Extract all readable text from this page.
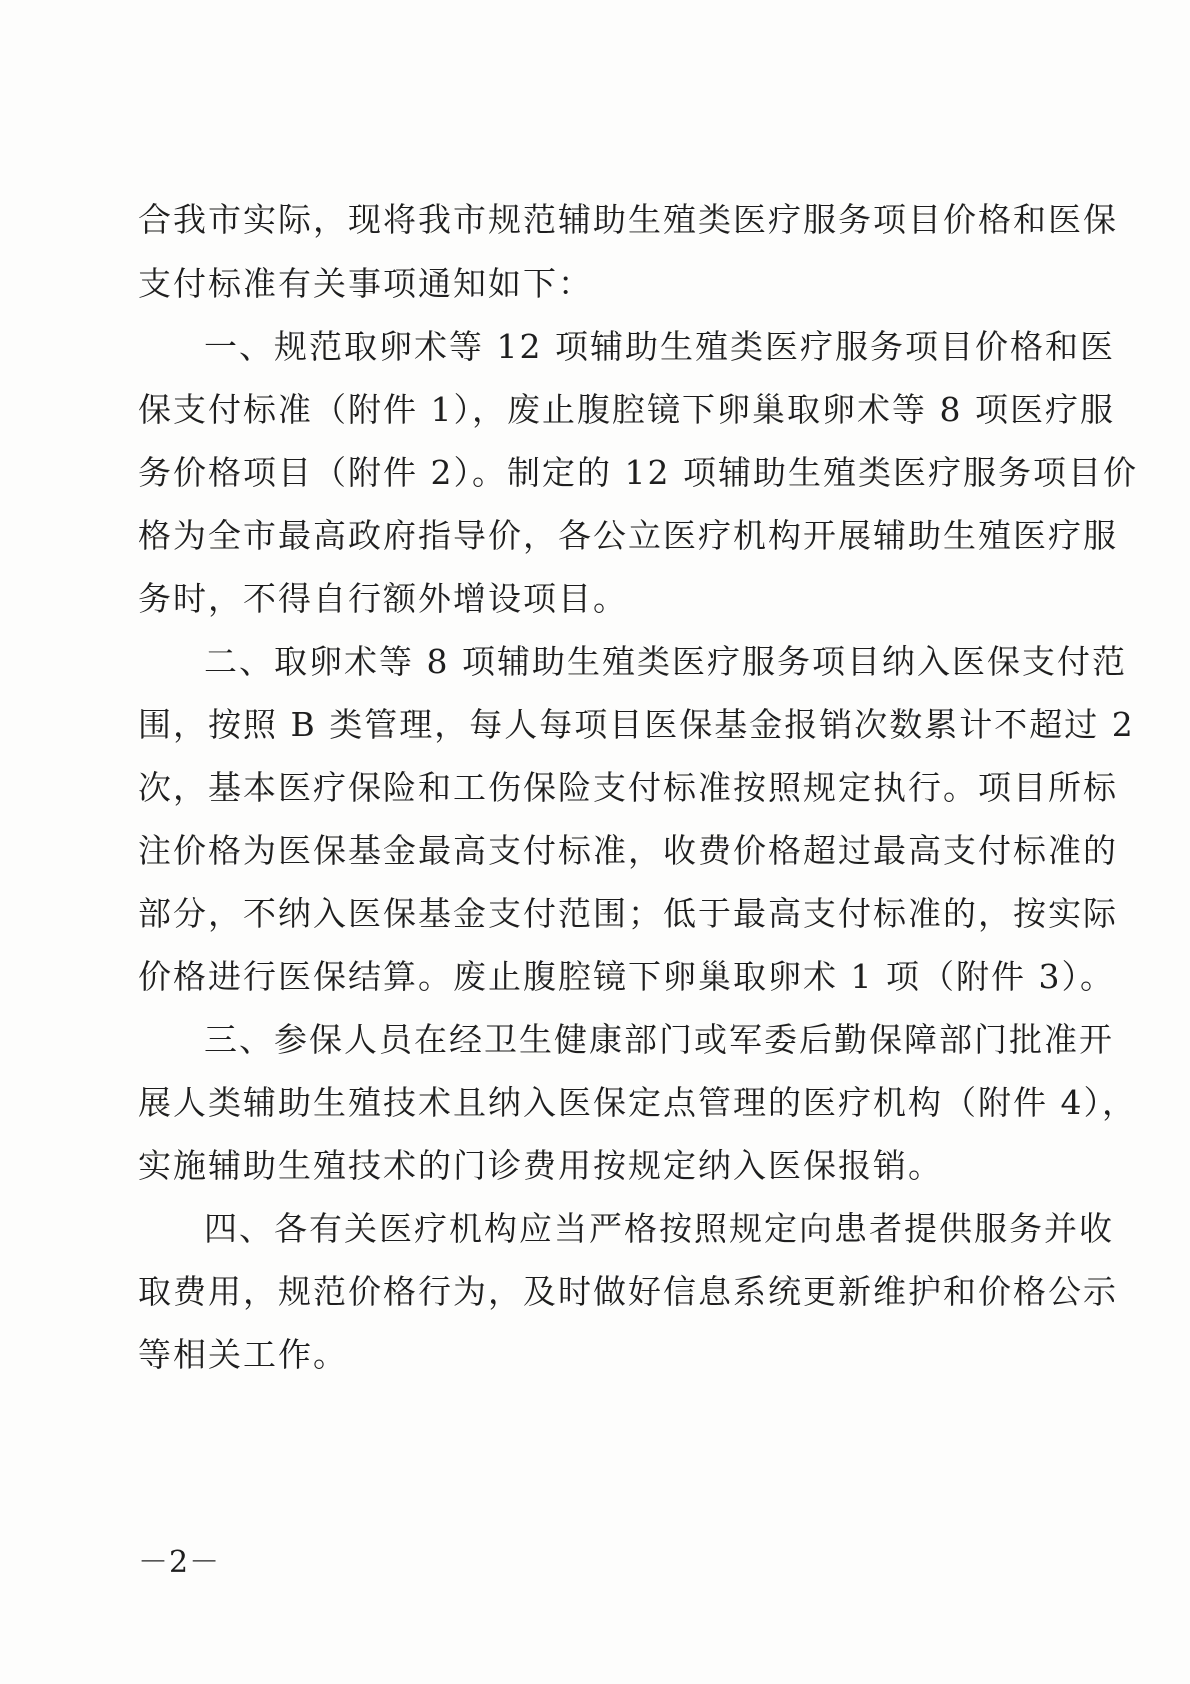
合我市实际，现将我市规范辅助生殖类医疗服务项目价格和医保
支付标准有关事项通知如下：
一、规范取卵术等 12 项辅助生殖类医疗服务项目价格和医
保支付标准（附件 1），废止腹腔镜下卵巢取卵术等 8 项医疗服
务价格项目（附件 2）。制定的 12 项辅助生殖类医疗服务项目价
格为全市最高政府指导价，各公立医疗机构开展辅助生殖医疗服
务时，不得自行额外增设项目。
二、取卵术等 8 项辅助生殖类医疗服务项目纳入医保支付范
围，按照 B 类管理，每人每项目医保基金报销次数累计不超过 2
次，基本医疗保险和工伤保险支付标准按照规定执行。项目所标
注价格为医保基金最高支付标准，收费价格超过最高支付标准的
部分，不纳入医保基金支付范围；低于最高支付标准的，按实际
价格进行医保结算。废止腹腔镜下卵巢取卵术 1 项（附件 3）。
三、参保人员在经卫生健康部门或军委后勤保障部门批准开
展人类辅助生殖技术且纳入医保定点管理的医疗机构（附件 4），
实施辅助生殖技术的门诊费用按规定纳入医保报销。
四、各有关医疗机构应当严格按照规定向患者提供服务并收
取费用，规范价格行为，及时做好信息系统更新维护和价格公示
等相关工作。
－2－
